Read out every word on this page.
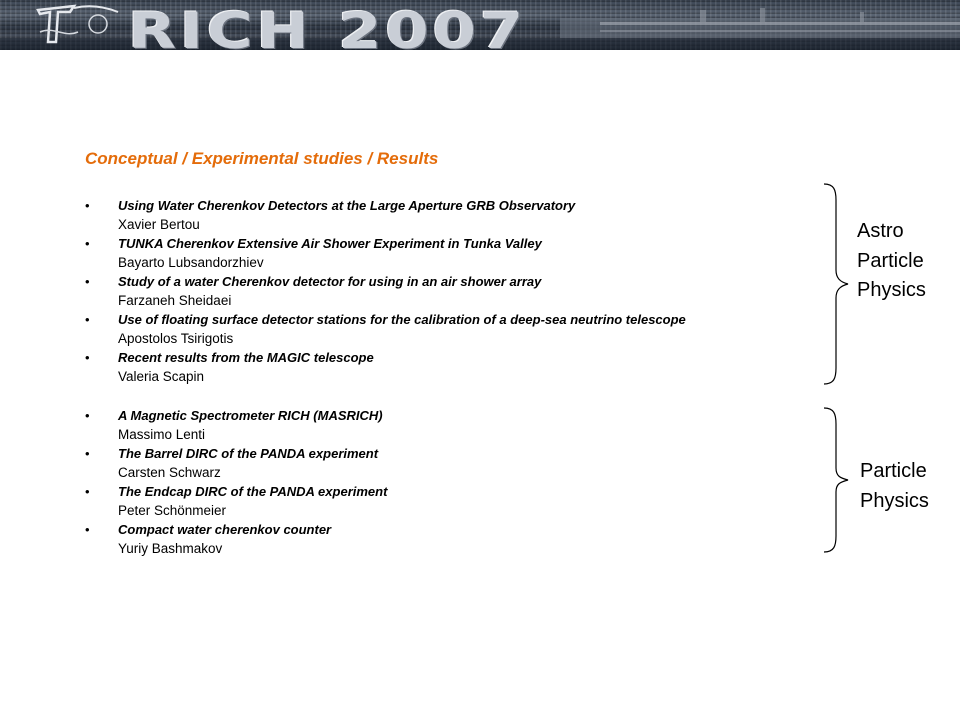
RICH 2007
Conceptual / Experimental studies / Results
• Using Water Cherenkov Detectors at the Large Aperture GRB Observatory
Xavier Bertou
• TUNKA Cherenkov Extensive Air Shower Experiment in Tunka Valley
Bayarto Lubsandorzhiev
• Study of a water Cherenkov detector for using in an air shower array
Farzaneh Sheidaei
• Use of floating surface detector stations for the calibration of a deep-sea neutrino telescope
Apostolos Tsirigotis
• Recent results from the MAGIC telescope
Valeria Scapin
• A Magnetic Spectrometer RICH (MASRICH)
Massimo Lenti
• The Barrel DIRC of the PANDA experiment
Carsten Schwarz
• The Endcap DIRC of the PANDA experiment
Peter Schönmeier
• Compact water cherenkov counter
Yuriy Bashmakov
Astro
Particle
Physics
Particle
Physics
